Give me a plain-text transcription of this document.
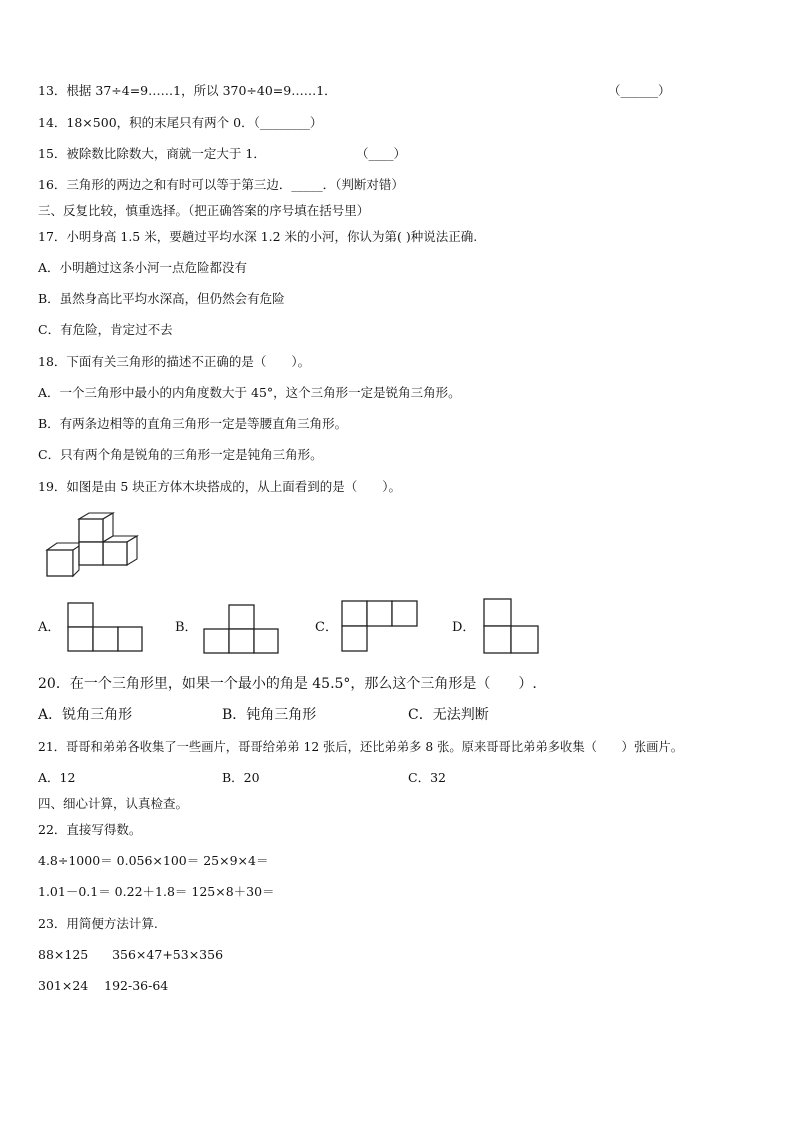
13．根据 37÷4=9……1，所以 370÷40=9……1．	（______）
14．18×500，积的末尾只有两个 0．（________）
15．被除数比除数大，商就一定大于 1．	（____）
16．三角形的两边之和有时可以等于第三边．_____．（判断对错）
三、反复比较，慎重选择。（把正确答案的序号填在括号里）
17．小明身高 1.5 米，要趟过平均水深 1.2 米的小河，你认为第( )种说法正确.
A．小明趟过这条小河一点危险都没有
B．虽然身高比平均水深高，但仍然会有危险
C．有危险，肯定过不去
18．下面有关三角形的描述不正确的是（　　）。
A．一个三角形中最小的内角度数大于 45°，这个三角形一定是锐角三角形。
B．有两条边相等的直角三角形一定是等腰直角三角形。
C．只有两个角是锐角的三角形一定是钝角三角形。
19．如图是由 5 块正方体木块搭成的，从上面看到的是（　　）。
A．	B．	C．	D．
20．在一个三角形里，如果一个最小的角是 45.5°，那么这个三角形是（　　）.
A．锐角三角形	B．钝角三角形	C．无法判断
21．哥哥和弟弟各收集了一些画片，哥哥给弟弟 12 张后，还比弟弟多 8 张。原来哥哥比弟弟多收集（　　）张画片。
A．12	B．20	C．32
四、细心计算，认真检查。
22．直接写得数。
4.8÷1000＝ 0.056×100＝ 25×9×4＝
1.01－0.1＝ 0.22＋1.8＝ 125×8＋30＝
23．用简便方法计算.
88×125      356×47+53×356
301×24    192-36-64
